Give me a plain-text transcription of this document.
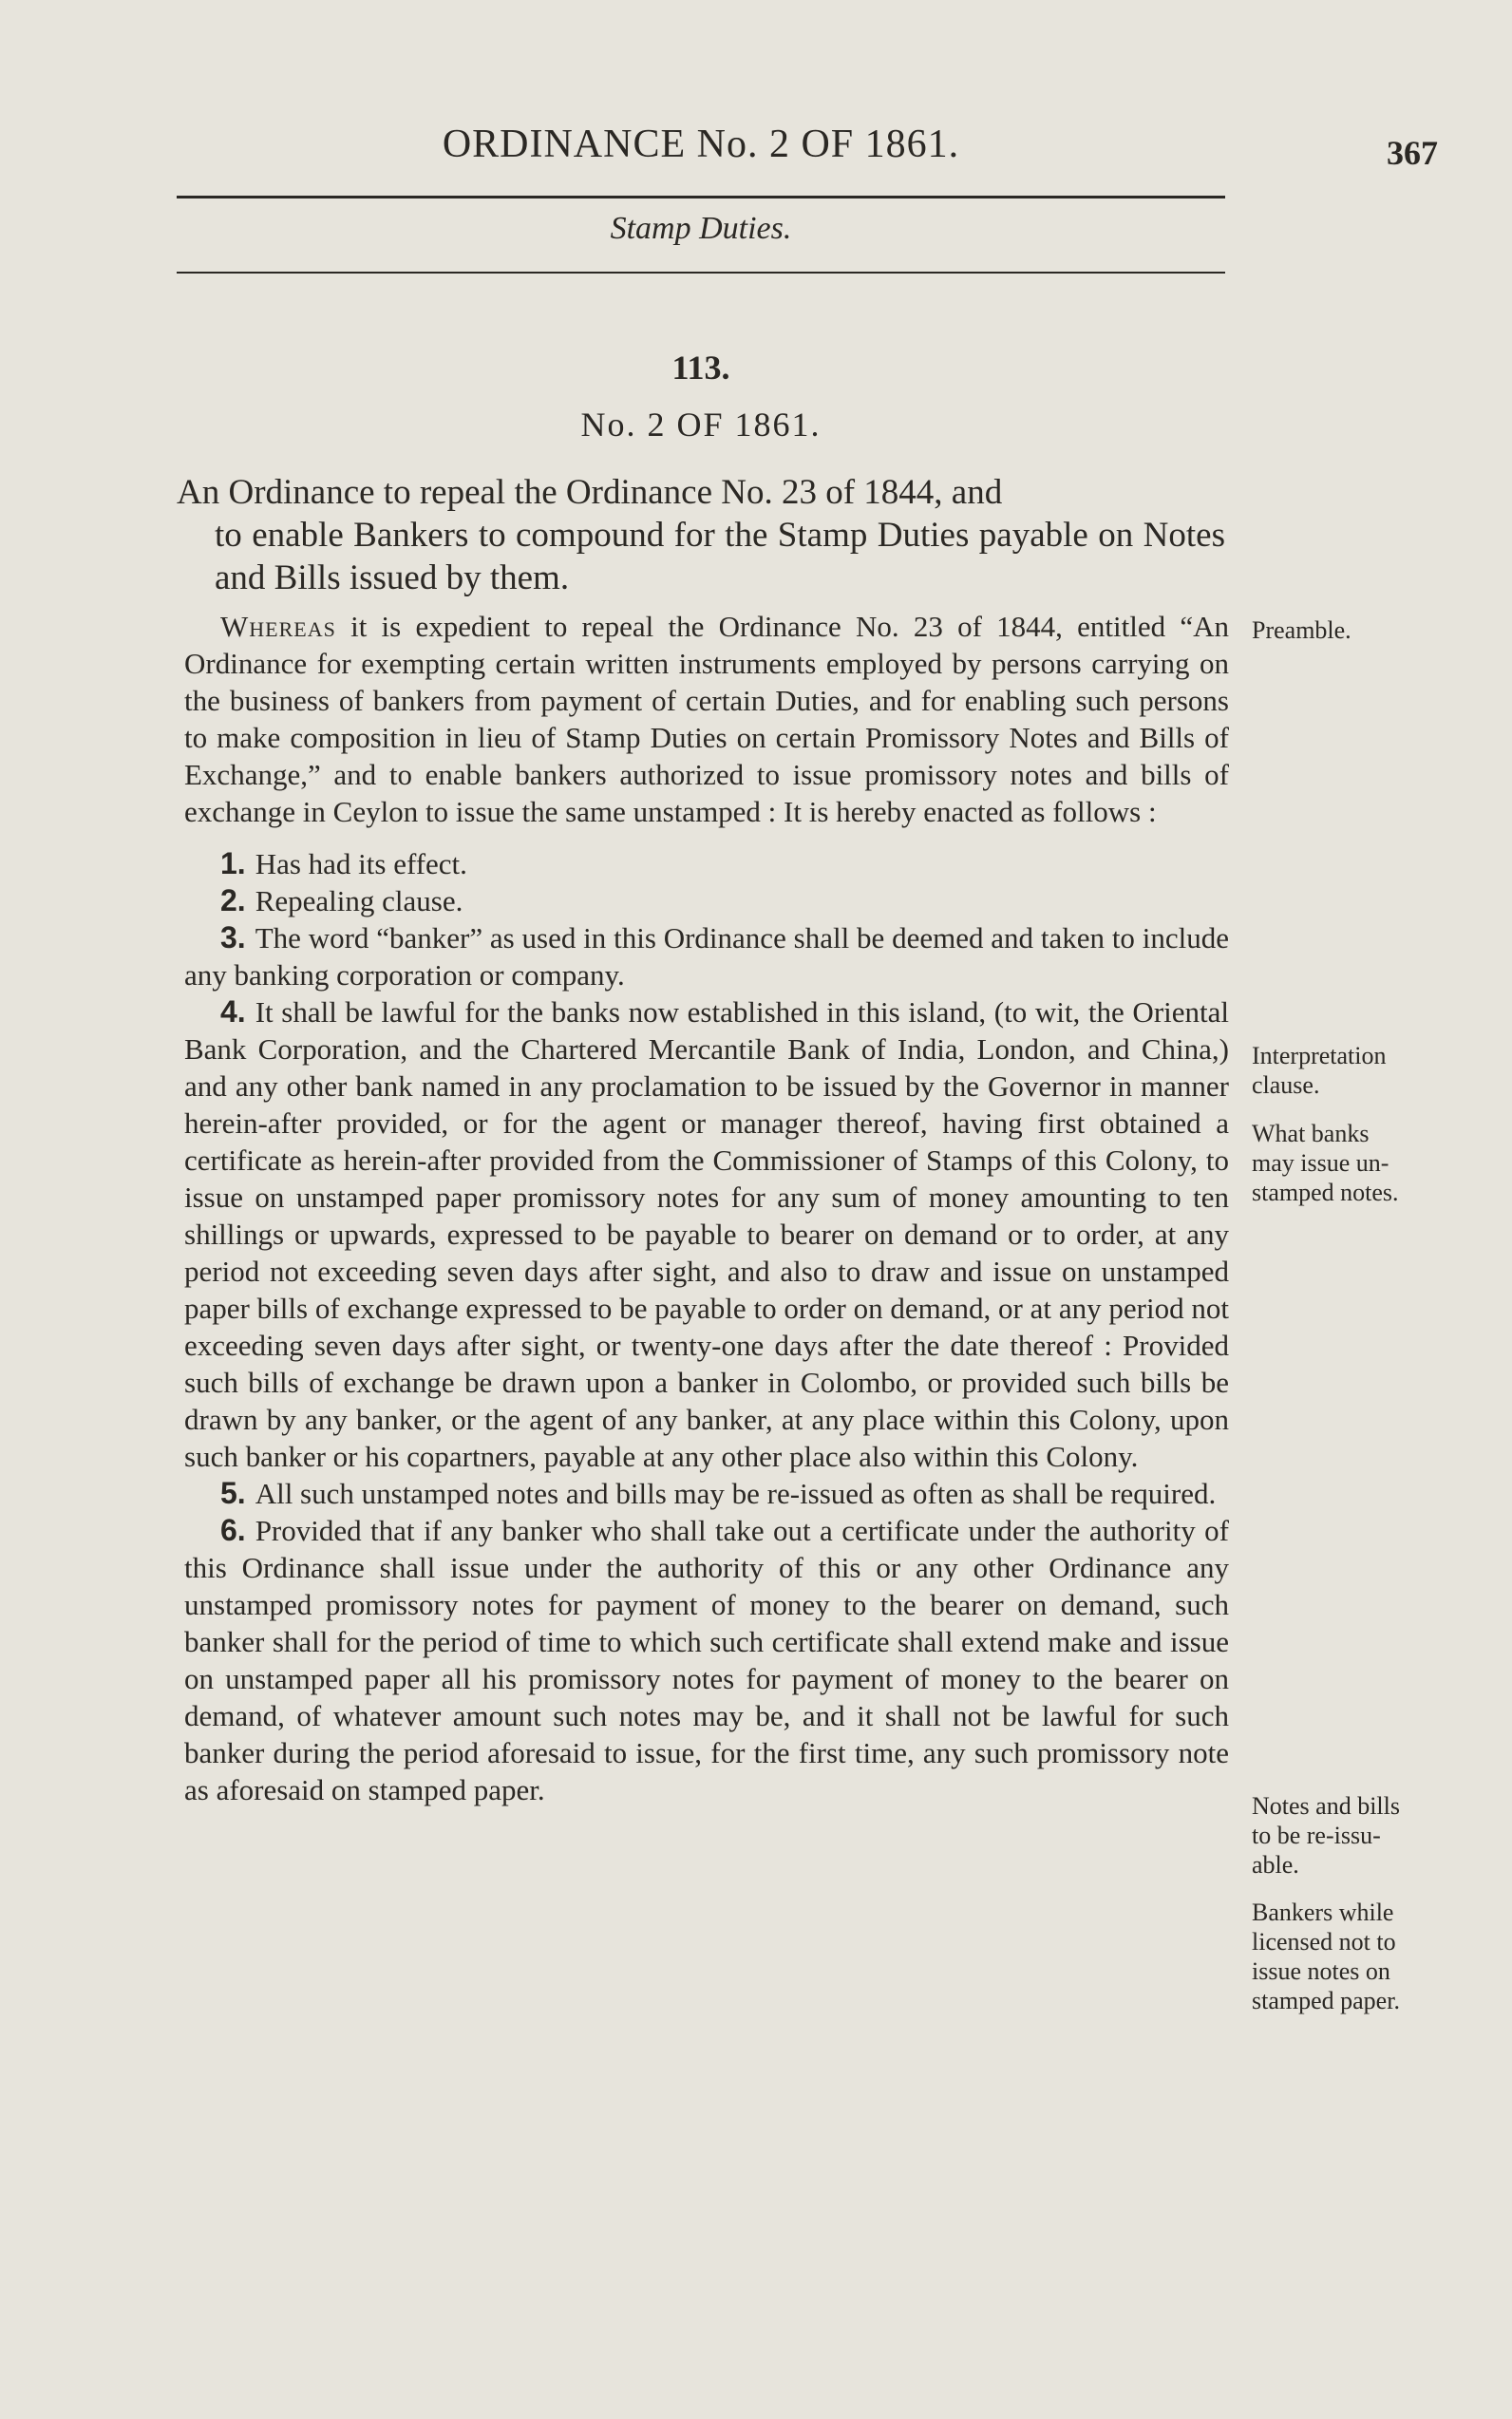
ORDINANCE No. 2 OF 1861.	367
Stamp Duties.
113.
No. 2 OF 1861.
An Ordinance to repeal the Ordinance No. 23 of 1844, and
to enable Bankers to compound for the Stamp Duties payable on Notes and Bills issued by them.

Whereas it is expedient to repeal the Ordinance No. 23 of 1844, entitled “An Ordinance for exempting certain written instruments employed by persons carrying on the business of bankers from payment of certain Duties, and for enabling such persons to make composition in lieu of Stamp Duties on certain Promissory Notes and Bills of Exchange,” and to enable bankers authorized to issue promissory notes and bills of exchange in Ceylon to issue the same unstamped : It is hereby enacted as follows :

1. Has had its effect.

2. Repealing clause.

3. The word “banker” as used in this Ordinance shall be deemed and taken to include any banking corporation or company.

4. It shall be lawful for the banks now established in this island, (to wit, the Oriental Bank Corporation, and the Chartered Mercantile Bank of India, London, and China,) and any other bank named in any proclamation to be issued by the Governor in manner herein-after provided, or for the agent or manager thereof, having first obtained a certificate as herein-after provided from the Commissioner of Stamps of this Colony, to issue on unstamped paper promissory notes for any sum of money amounting to ten shillings or upwards, expressed to be payable to bearer on demand or to order, at any period not exceeding seven days after sight, and also to draw and issue on unstamped paper bills of exchange expressed to be payable to order on demand, or at any period not exceeding seven days after sight, or twenty-one days after the date thereof : Provided such bills of exchange be drawn upon a banker in Colombo, or provided such bills be drawn by any banker, or the agent of any banker, at any place within this Colony, upon such banker or his copartners, payable at any other place also within this Colony.

5. All such unstamped notes and bills may be re-issued as often as shall be required.

6. Provided that if any banker who shall take out a certificate under the authority of this Ordinance shall issue under the authority of this or any other Ordinance any unstamped promissory notes for payment of money to the bearer on demand, such banker shall for the period of time to which such certificate shall extend make and issue on unstamped paper all his promissory notes for payment of money to the bearer on demand, of whatever amount such notes may be, and it shall not be lawful for such banker during the period aforesaid to issue, for the first time, any such promissory note as aforesaid on stamped paper.

Preamble.
Interpretation
clause.
What banks
may issue un-
stamped notes.
Notes and bills
to be re-issu-
able.
Bankers while
licensed not to
issue notes on
stamped paper.
